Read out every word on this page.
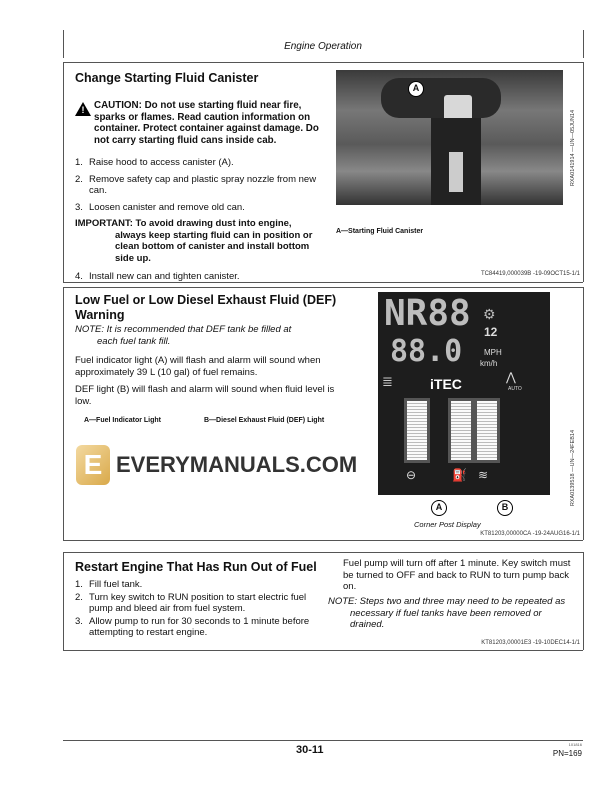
Engine Operation
Change Starting Fluid Canister
! CAUTION: Do not use starting fluid near fire, sparks or flames. Read caution information on container. Protect container against damage. Do not carry starting fluid cans inside cab.
1. Raise hood to access canister (A).
2. Remove safety cap and plastic spray nozzle from new can.
3. Loosen canister and remove old can.
IMPORTANT: To avoid drawing dust into engine, always keep starting fluid can in position or clean bottom of canister and install bottom side up.
4. Install new can and tighten canister.
A
RXA0141914 —UN—05JUN14
A—Starting Fluid Canister
TC84419,000039B -19-09OCT15-1/1
Low Fuel or Low Diesel Exhaust Fluid (DEF) Warning
NOTE: It is recommended that DEF tank be filled at each fuel tank fill.
Fuel indicator light (A) will flash and alarm will sound when approximately 39 L (10 gal) of fuel remains.
DEF light (B) will flash and alarm will sound when fluid level is low.
A—Fuel Indicator Light	B—Diesel Exhaust Fluid (DEF) Light
NR88
88.0
⚙
12
MPH
km/h
≣	iTEC	⋀
AUTO
⊖	⛽ ≋
A	B
Corner Post Display
RXA0139518 —UN—24FEB14
KT81203,00000CA -19-24AUG16-1/1
E EVERYMANUALS.COM
Restart Engine That Has Run Out of Fuel
1. Fill fuel tank.
2. Turn key switch to RUN position to start electric fuel pump and bleed air from fuel system.
3. Allow pump to run for 30 seconds to 1 minute before attempting to restart engine.
Fuel pump will turn off after 1 minute. Key switch must be turned to OFF and back to RUN to turn pump back on.
NOTE: Steps two and three may need to be repeated as necessary if fuel tanks have been removed or drained.
KT81203,00001E3 -19-10DEC14-1/1
30-11	101816
PN=169
